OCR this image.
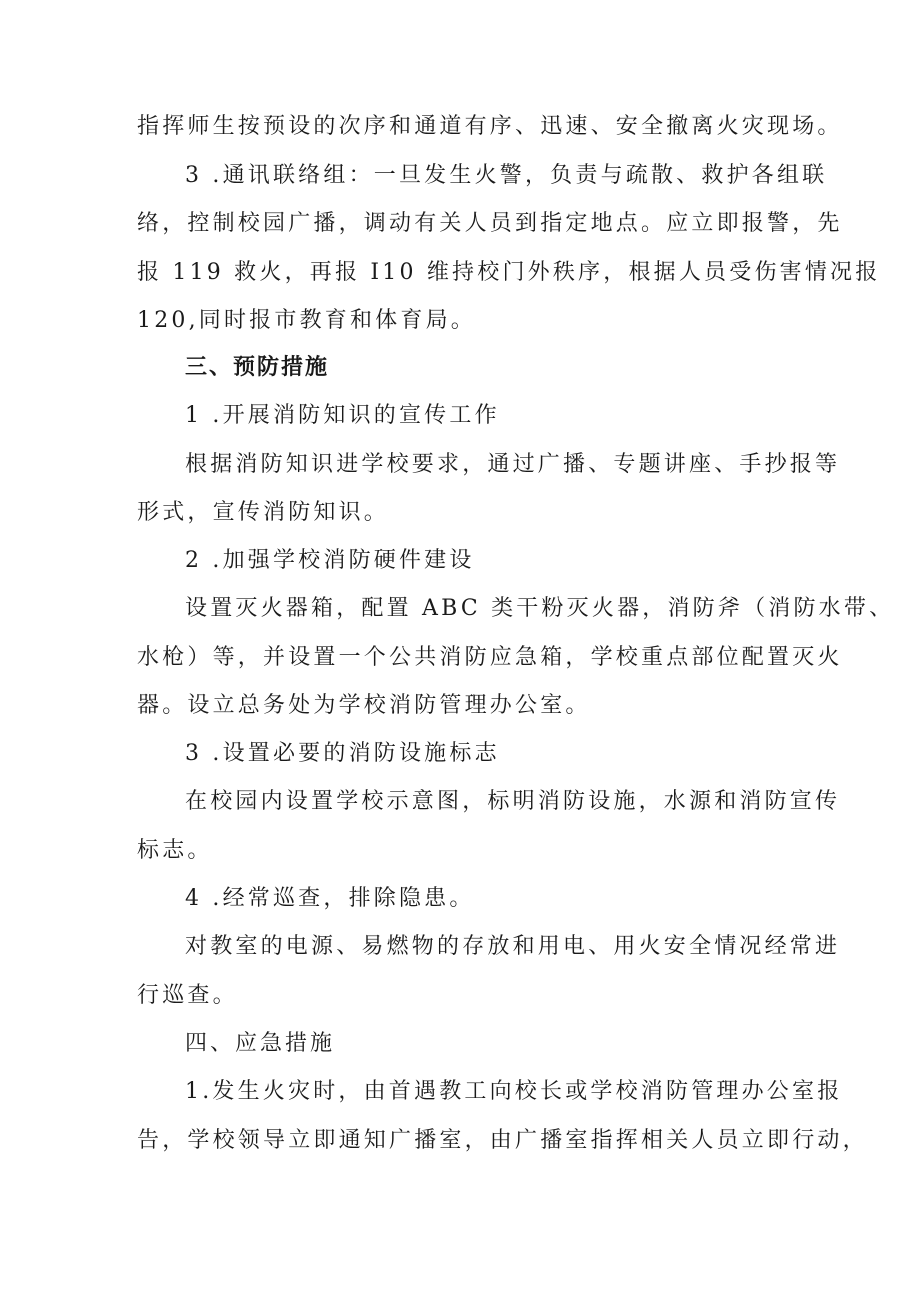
指挥师生按预设的次序和通道有序、迅速、安全撤离火灾现场。

3 .通讯联络组：一旦发生火警，负责与疏散、救护各组联

络，控制校园广播，调动有关人员到指定地点。应立即报警，先

报 119 救火，再报 I10 维持校门外秩序，根据人员受伤害情况报

120,同时报市教育和体育局。

三、预防措施

1 .开展消防知识的宣传工作

根据消防知识进学校要求，通过广播、专题讲座、手抄报等

形式，宣传消防知识。

2 .加强学校消防硬件建设

设置灭火器箱，配置 ABC 类干粉灭火器，消防斧（消防水带、

水枪）等，并设置一个公共消防应急箱，学校重点部位配置灭火

器。设立总务处为学校消防管理办公室。

3 .设置必要的消防设施标志

在校园内设置学校示意图，标明消防设施，水源和消防宣传

标志。

4 .经常巡查，排除隐患。

对教室的电源、易燃物的存放和用电、用火安全情况经常进

行巡查。

四、应急措施

1.发生火灾时，由首遇教工向校长或学校消防管理办公室报

告，学校领导立即通知广播室，由广播室指挥相关人员立即行动，
